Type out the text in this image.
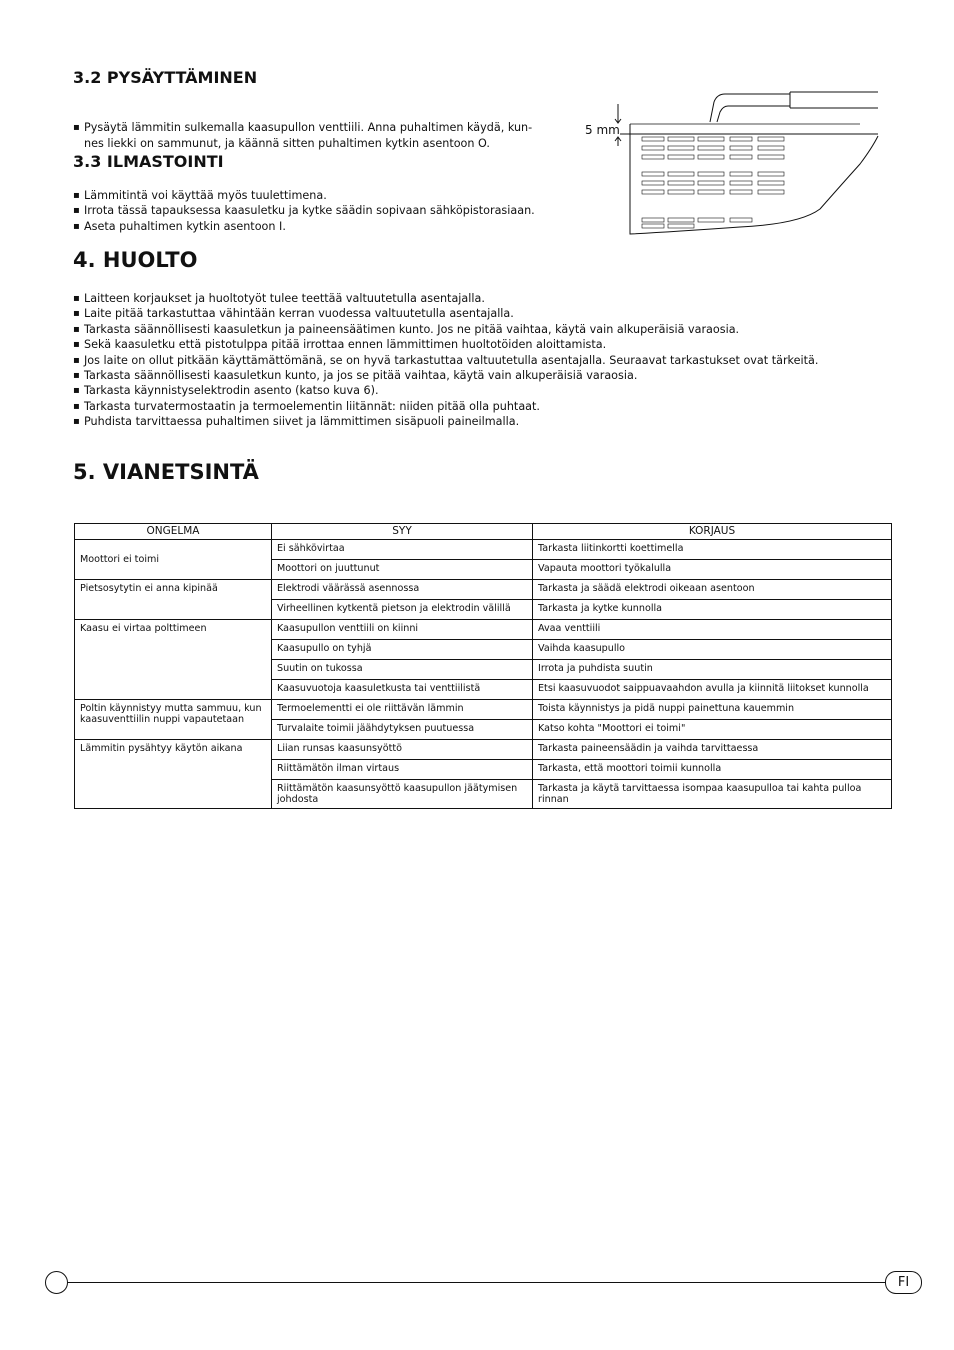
3.2 PYSÄYTTÄMINEN

▪ Pysäytä lämmitin sulkemalla kaasupullon venttiili. Anna puhaltimen käydä, kun-
nes liekki on sammunut, ja käännä sitten puhaltimen kytkin asentoon O.

3.3 ILMASTOINTI
▪ Lämmitintä voi käyttää myös tuulettimena.
▪ Irrota tässä tapauksessa kaasuletku ja kytke säädin sopivaan sähköpistorasiaan.
▪ Aseta puhaltimen kytkin asentoon I.
5 mm
4. HUOLTO
▪ Laitteen korjaukset ja huoltotyöt tulee teettää valtuutetulla asentajalla.
▪ Laite pitää tarkastuttaa vähintään kerran vuodessa valtuutetulla asentajalla.
▪ Tarkasta säännöllisesti kaasuletkun ja paineensäätimen kunto. Jos ne pitää vaihtaa, käytä vain alkuperäisiä varaosia.
▪ Sekä kaasuletku että pistotulppa pitää irrottaa ennen lämmittimen huoltotöiden aloittamista.
▪ Jos laite on ollut pitkään käyttämättömänä, se on hyvä tarkastuttaa valtuutetulla asentajalla. Seuraavat tarkastukset ovat tärkeitä.
▪ Tarkasta säännöllisesti kaasuletkun kunto, ja jos se pitää vaihtaa, käytä vain alkuperäisiä varaosia.
▪ Tarkasta käynnistyselektrodin asento (katso kuva 6).
▪ Tarkasta turvatermostaatin ja termoelementin liitännät: niiden pitää olla puhtaat.
▪ Puhdista tarvittaessa puhaltimen siivet ja lämmittimen sisäpuoli paineilmalla.
5. VIANETSINTÄ
ONGELMA	SYY	KORJAUS
Moottori ei toimi	Ei sähkövirtaa	Tarkasta liitinkortti koettimella
	Moottori on juuttunut	Vapauta moottori työkalulla
Pietsosytytin ei anna kipinää	Elektrodi väärässä asennossa	Tarkasta ja säädä elektrodi oikeaan asentoon
	Virheellinen kytkentä pietson ja elektrodin välillä	Tarkasta ja kytke kunnolla
Kaasu ei virtaa polttimeen	Kaasupullon venttiili on kiinni	Avaa venttiili
	Kaasupullo on tyhjä	Vaihda kaasupullo
	Suutin on tukossa	Irrota ja puhdista suutin
	Kaasuvuotoja kaasuletkusta tai venttiilistä	Etsi kaasuvuodot saippuavaahdon avulla ja kiinnitä liitokset kunnolla
Poltin käynnistyy mutta sammuu, kun kaasuventtiilin nuppi vapautetaan	Termoelementti ei ole riittävän lämmin	Toista käynnistys ja pidä nuppi painettuna kauemmin
	Turvalaite toimii jäähdytyksen puutuessa	Katso kohta "Moottori ei toimi"
Lämmitin pysähtyy käytön aikana	Liian runsas kaasunsyöttö	Tarkasta paineensäädin ja vaihda tarvittaessa
	Riittämätön ilman virtaus	Tarkasta, että moottori toimii kunnolla
	Riittämätön kaasunsyöttö kaasupullon jäätymisen johdosta	Tarkasta ja käytä tarvittaessa isompaa kaasupulloa tai kahta pulloa rinnan
FI
